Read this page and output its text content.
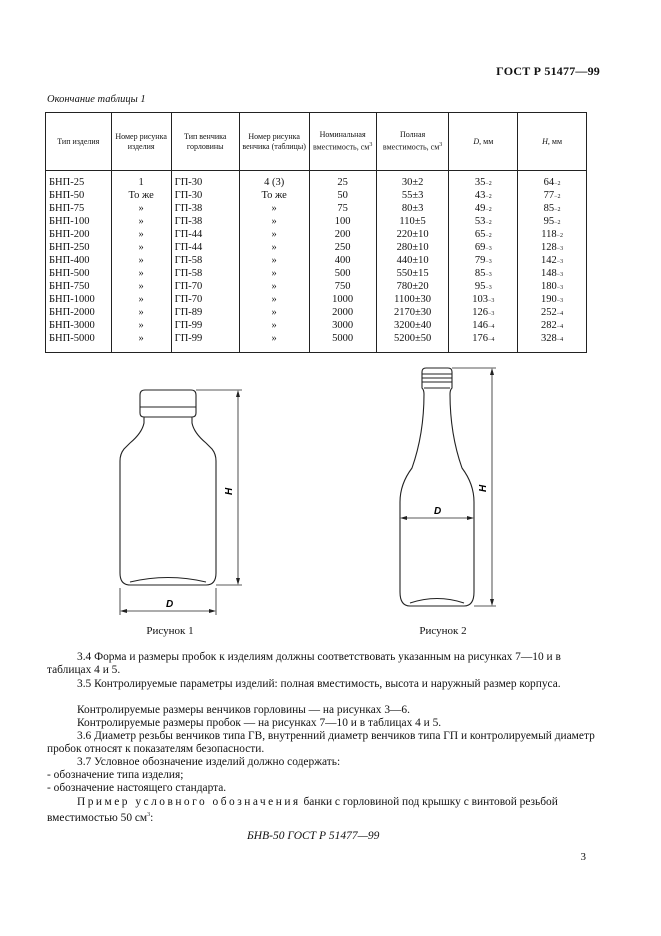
ГОСТ Р 51477—99
Окончание таблицы 1
Тип изделия	Номер рисунка изделия	Тип венчика горловины	Номер рисунка венчика (таблицы)	Номинальная вместимость, $см^3$	Полная вместимость, $см^3$	D, мм	H, мм
БНП-25	1	ГП-30	4 (3)	25	30±2	35−2	64−2
БНП-50	То же	ГП-30	То же	50	55±3	43−2	77−2
БНП-75	»	ГП-38	»	75	80±3	49−2	85−2
БНП-100	»	ГП-38	»	100	110±5	53−2	95−2
БНП-200	»	ГП-44	»	200	220±10	65−2	118−2
БНП-250	»	ГП-44	»	250	280±10	69−3	128−3
БНП-400	»	ГП-58	»	400	440±10	79−3	142−3
БНП-500	»	ГП-58	»	500	550±15	85−3	148−3
БНП-750	»	ГП-70	»	750	780±20	95−3	180−3
БНП-1000	»	ГП-70	»	1000	1100±30	103−3	190−3
БНП-2000	»	ГП-89	»	2000	2170±30	126−3	252−4
БНП-3000	»	ГП-99	»	3000	3200±40	146−4	282−4
БНП-5000	»	ГП-99	»	5000	5200±50	176−4	328−4
H
D
Рисунок 1
H
D
Рисунок 2
3.4 Форма и размеры пробок к изделиям должны соответствовать указанным на рисунках 7—10 и в таблицах 4 и 5.
3.5 Контролируемые параметры изделий: полная вместимость, высота и наружный размер корпуса.
Контролируемые размеры венчиков горловины — на рисунках 3—6.
Контролируемые размеры пробок — на рисунках 7—10 и в таблицах 4 и 5.
3.6 Диаметр резьбы венчиков типа ГВ, внутренний диаметр венчиков типа ГП и контролируемый диаметр пробок относят к показателям безопасности.
3.7 Условное обозначение изделий должно содержать:
- обозначение типа изделия;
- обозначение настоящего стандарта.
Пример условного обозначения банки с горловиной под крышку с винтовой резьбой вместимостью 50 $см^3$:
БНВ-50 ГОСТ Р 51477—99
3
